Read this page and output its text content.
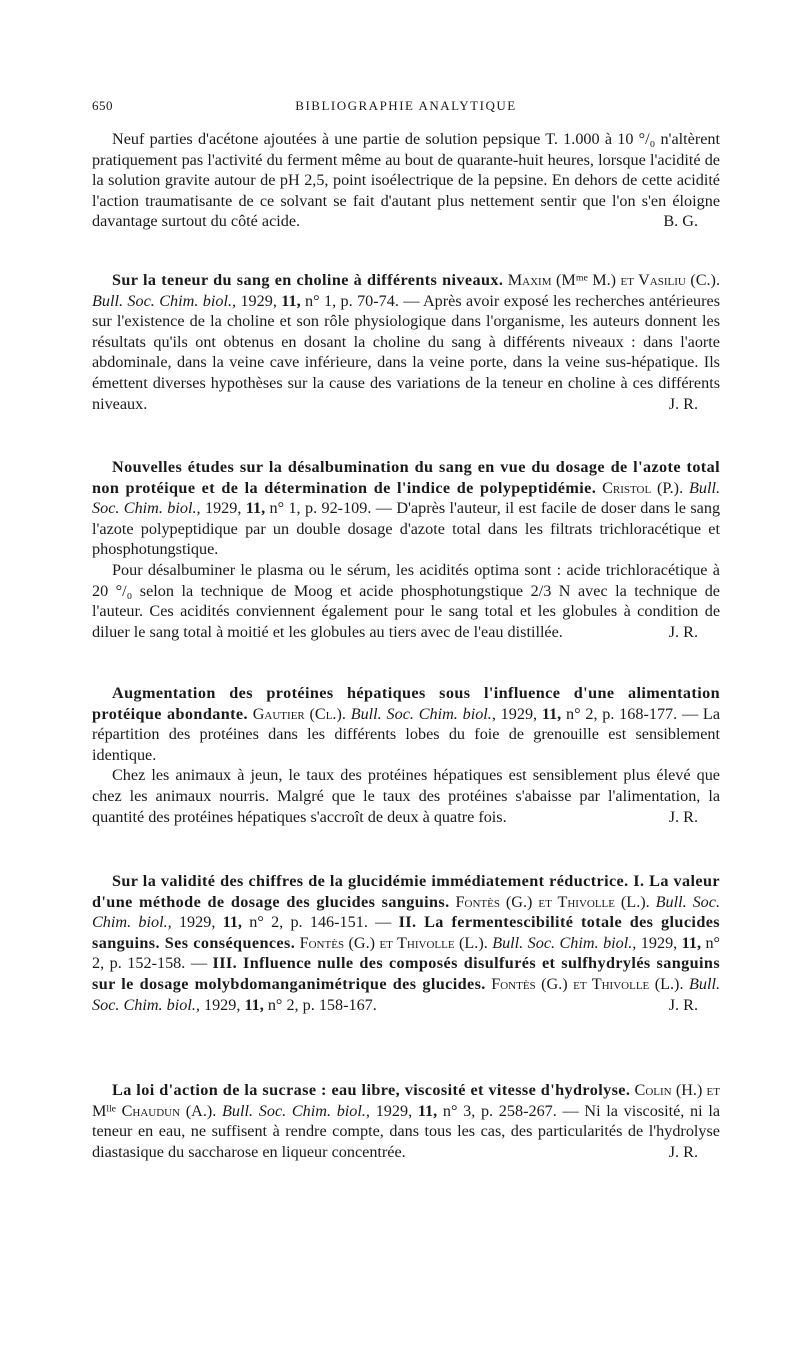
650	BIBLIOGRAPHIE ANALYTIQUE

Neuf parties d'acétone ajoutées à une partie de solution pepsique T. 1.000 à 10 °/₀ n'altèrent pratiquement pas l'activité du ferment même au bout de quarante-huit heures, lorsque l'acidité de la solution gravite autour de pH 2,5, point isoélectrique de la pepsine. En dehors de cette acidité l'action traumatisante de ce solvant se fait d'autant plus nettement sentir que l'on s'en éloigne davantage surtout du côté acide.	B. G.

Sur la teneur du sang en choline à différents niveaux. Maxim (Mᵐᵉ M.) et Vasiliu (C.). Bull. Soc. Chim. biol., 1929, 11, n° 1, p. 70-74. — Après avoir exposé les recherches antérieures sur l'existence de la choline et son rôle physiologique dans l'organisme, les auteurs donnent les résultats qu'ils ont obtenus en dosant la choline du sang à différents niveaux : dans l'aorte abdominale, dans la veine cave inférieure, dans la veine porte, dans la veine sus-hépatique. Ils émettent diverses hypothèses sur la cause des variations de la teneur en choline à ces différents niveaux.	J. R.

Nouvelles études sur la désalbumination du sang en vue du dosage de l'azote total non protéique et de la détermination de l'indice de polypeptidémie. Cristol (P.). Bull. Soc. Chim. biol., 1929, 11, n° 1, p. 92-109. — D'après l'auteur, il est facile de doser dans le sang l'azote polypeptidique par un double dosage d'azote total dans les filtrats trichloracétique et phosphotungstique.

Pour désalbuminer le plasma ou le sérum, les acidités optima sont : acide trichloracétique à 20 °/₀ selon la technique de Moog et acide phosphotungstique 2/3 N avec la technique de l'auteur. Ces acidités conviennent également pour le sang total et les globules à condition de diluer le sang total à moitié et les globules au tiers avec de l'eau distillée.	J. R.

Augmentation des protéines hépatiques sous l'influence d'une alimentation protéique abondante. Gautier (Cl.). Bull. Soc. Chim. biol., 1929, 11, n° 2, p. 168-177. — La répartition des protéines dans les différents lobes du foie de grenouille est sensiblement identique.

Chez les animaux à jeun, le taux des protéines hépatiques est sensiblement plus élevé que chez les animaux nourris. Malgré que le taux des protéines s'abaisse par l'alimentation, la quantité des protéines hépatiques s'accroît de deux à quatre fois.	J. R.

Sur la validité des chiffres de la glucidémie immédiatement réductrice. I. La valeur d'une méthode de dosage des glucides sanguins. Fontès (G.) et Thivolle (L.). Bull. Soc. Chim. biol., 1929, 11, n° 2, p. 146-151. — II. La fermentescibilité totale des glucides sanguins. Ses conséquences. Fontès (G.) et Thivolle (L.). Bull. Soc. Chim. biol., 1929, 11, n° 2, p. 152-158. — III. Influence nulle des composés disulfurés et sulfhydrylés sanguins sur le dosage molybdomanganimétrique des glucides. Fontès (G.) et Thivolle (L.). Bull. Soc. Chim. biol., 1929, 11, n° 2, p. 158-167.	J. R.

La loi d'action de la sucrase : eau libre, viscosité et vitesse d'hydrolyse. Colin (H.) et Mˡˡᵉ Chaudun (A.). Bull. Soc. Chim. biol., 1929, 11, n° 3, p. 258-267. — Ni la viscosité, ni la teneur en eau, ne suffisent à rendre compte, dans tous les cas, des particularités de l'hydrolyse diastasique du saccharose en liqueur concentrée.	J. R.
